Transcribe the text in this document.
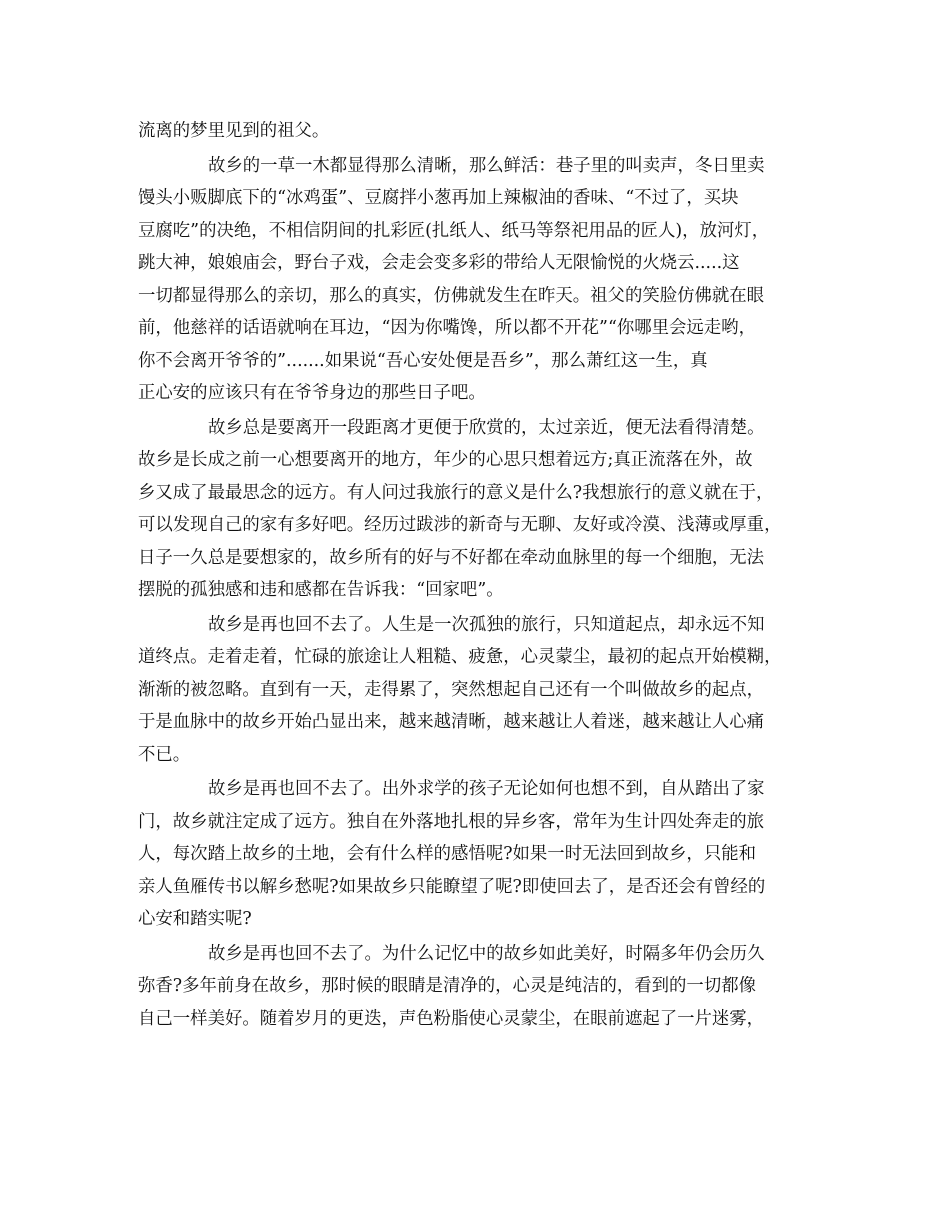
流离的梦里见到的祖父。
故乡的一草一木都显得那么清晰，那么鲜活：巷子里的叫卖声，冬日里卖
馒头小贩脚底下的“冰鸡蛋”、豆腐拌小葱再加上辣椒油的香味、“不过了，买块
豆腐吃”的决绝，不相信阴间的扎彩匠(扎纸人、纸马等祭祀用品的匠人)，放河灯，
跳大神，娘娘庙会，野台子戏，会走会变多彩的带给人无限愉悦的火烧云.....这
一切都显得那么的亲切，那么的真实，仿佛就发生在昨天。祖父的笑脸仿佛就在眼
前，他慈祥的话语就响在耳边，“因为你嘴馋，所以都不开花”“你哪里会远走哟，
你不会离开爷爷的”.......如果说“吾心安处便是吾乡”，那么萧红这一生，真
正心安的应该只有在爷爷身边的那些日子吧。
故乡总是要离开一段距离才更便于欣赏的，太过亲近，便无法看得清楚。
故乡是长成之前一心想要离开的地方，年少的心思只想着远方;真正流落在外，故
乡又成了最最思念的远方。有人问过我旅行的意义是什么?我想旅行的意义就在于，
可以发现自己的家有多好吧。经历过跋涉的新奇与无聊、友好或冷漠、浅薄或厚重，
日子一久总是要想家的，故乡所有的好与不好都在牵动血脉里的每一个细胞，无法
摆脱的孤独感和违和感都在告诉我：“回家吧”。
故乡是再也回不去了。人生是一次孤独的旅行，只知道起点，却永远不知
道终点。走着走着，忙碌的旅途让人粗糙、疲惫，心灵蒙尘，最初的起点开始模糊，
渐渐的被忽略。直到有一天，走得累了，突然想起自己还有一个叫做故乡的起点，
于是血脉中的故乡开始凸显出来，越来越清晰，越来越让人着迷，越来越让人心痛
不已。
故乡是再也回不去了。出外求学的孩子无论如何也想不到，自从踏出了家
门，故乡就注定成了远方。独自在外落地扎根的异乡客，常年为生计四处奔走的旅
人，每次踏上故乡的土地，会有什么样的感悟呢?如果一时无法回到故乡，只能和
亲人鱼雁传书以解乡愁呢?如果故乡只能瞭望了呢?即使回去了，是否还会有曾经的
心安和踏实呢?
故乡是再也回不去了。为什么记忆中的故乡如此美好，时隔多年仍会历久
弥香?多年前身在故乡，那时候的眼睛是清净的，心灵是纯洁的，看到的一切都像
自己一样美好。随着岁月的更迭，声色粉脂使心灵蒙尘，在眼前遮起了一片迷雾，
